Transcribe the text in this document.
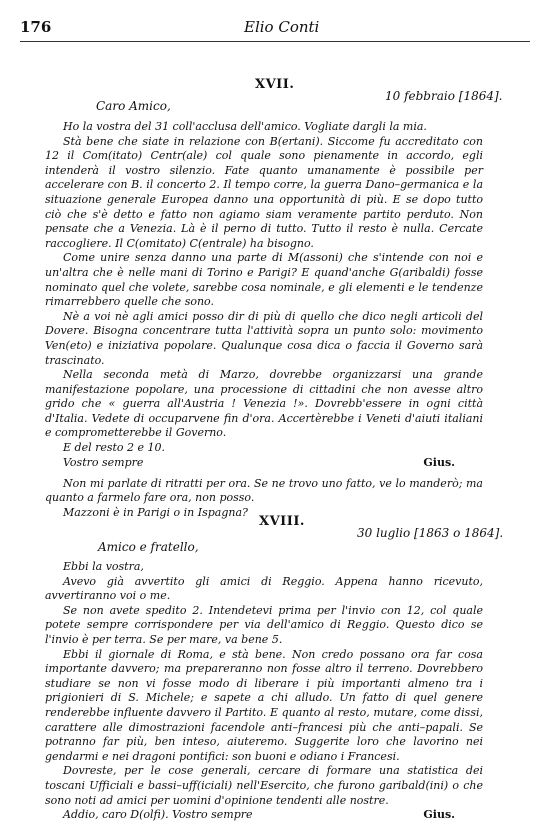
176	Elio Conti
XVII.
10 febbraio [1864].
Caro Amico,

Ho la vostra del 31 coll'acclusa dell'amico. Vogliate dargli la mia.

Stà bene che siate in relazione con B(ertani). Siccome fu accreditato con 12 il Com(itato) Centr(ale) col quale sono pienamente in accordo, egli intenderà il vostro silenzio. Fate quanto umanamente è possibile per accelerare con B. il concerto 2. Il tempo corre, la guerra Dano–germanica e la situazione generale Europea danno una opportunità di più. E se dopo tutto ciò che s'è detto e fatto non agiamo siam veramente partito perduto. Non pensate che a Venezia. Là è il perno di tutto. Tutto il resto è nulla. Cercate raccogliere. Il C(omitato) C(entrale) ha bisogno.

Come unire senza danno una parte di M(assoni) che s'intende con noi e un'altra che è nelle mani di Torino e Parigi? E quand'anche G(aribaldi) fosse nominato quel che volete, sarebbe cosa nominale, e gli elementi e le tendenze rimarrebbero quelle che sono.

Nè a voi nè agli amici posso dir di più di quello che dico negli articoli del Dovere. Bisogna concentrare tutta l'attività sopra un punto solo: movimento Ven(eto) e iniziativa popolare. Qualunque cosa dica o faccia il Governo sarà trascinato.

Nella seconda metà di Marzo, dovrebbe organizzarsi una grande manifestazione popolare, una processione di cittadini che non avesse altro grido che « guerra all'Austria ! Venezia !». Dovrebb'essere in ogni città d'Italia. Vedete di occuparvene fin d'ora. Accertèrebbe i Veneti d'aiuti italiani e comprometterebbe il Governo.

E del resto 2 e 10.

Vostro sempre	Gius.

Non mi parlate di ritratti per ora. Se ne trovo uno fatto, ve lo manderò; ma quanto a farmelo fare ora, non posso.

Mazzoni è in Parigi o in Ispagna?

XVIII.
30 luglio [1863 o 1864].
Amico e fratello,

Ebbi la vostra,

Avevo già avvertito gli amici di Reggio. Appena hanno ricevuto, avvertiranno voi o me.

Se non avete spedito 2. Intendetevi prima per l'invio con 12, col quale potete sempre corrispondere per via dell'amico di Reggio. Questo dico se l'invio è per terra. Se per mare, va bene 5.

Ebbi il giornale di Roma, e stà bene. Non credo possano ora far cosa importante davvero; ma prepareranno non fosse altro il terreno. Dovrebbero studiare se non vi fosse modo di liberare i più importanti almeno tra i prigionieri di S. Michele; e sapete a chi alludo. Un fatto di quel genere renderebbe influente davvero il Partito. E quanto al resto, mutare, come dissi, carattere alle dimostrazioni facendole anti–francesi più che anti–papali. Se potranno far più, ben inteso, aiuteremo. Suggerite loro che lavorino nei gendarmi e nei dragoni pontifici: son buoni e odiano i Francesi.

Dovreste, per le cose generali, cercare di formare una statistica dei toscani Ufficiali e bassi–uff(iciali) nell'Esercito, che furono garibald(ini) o che sono noti ad amici per uomini d'opinione tendenti alle nostre.

Addio, caro D(olfi). Vostro sempre	Gius.
